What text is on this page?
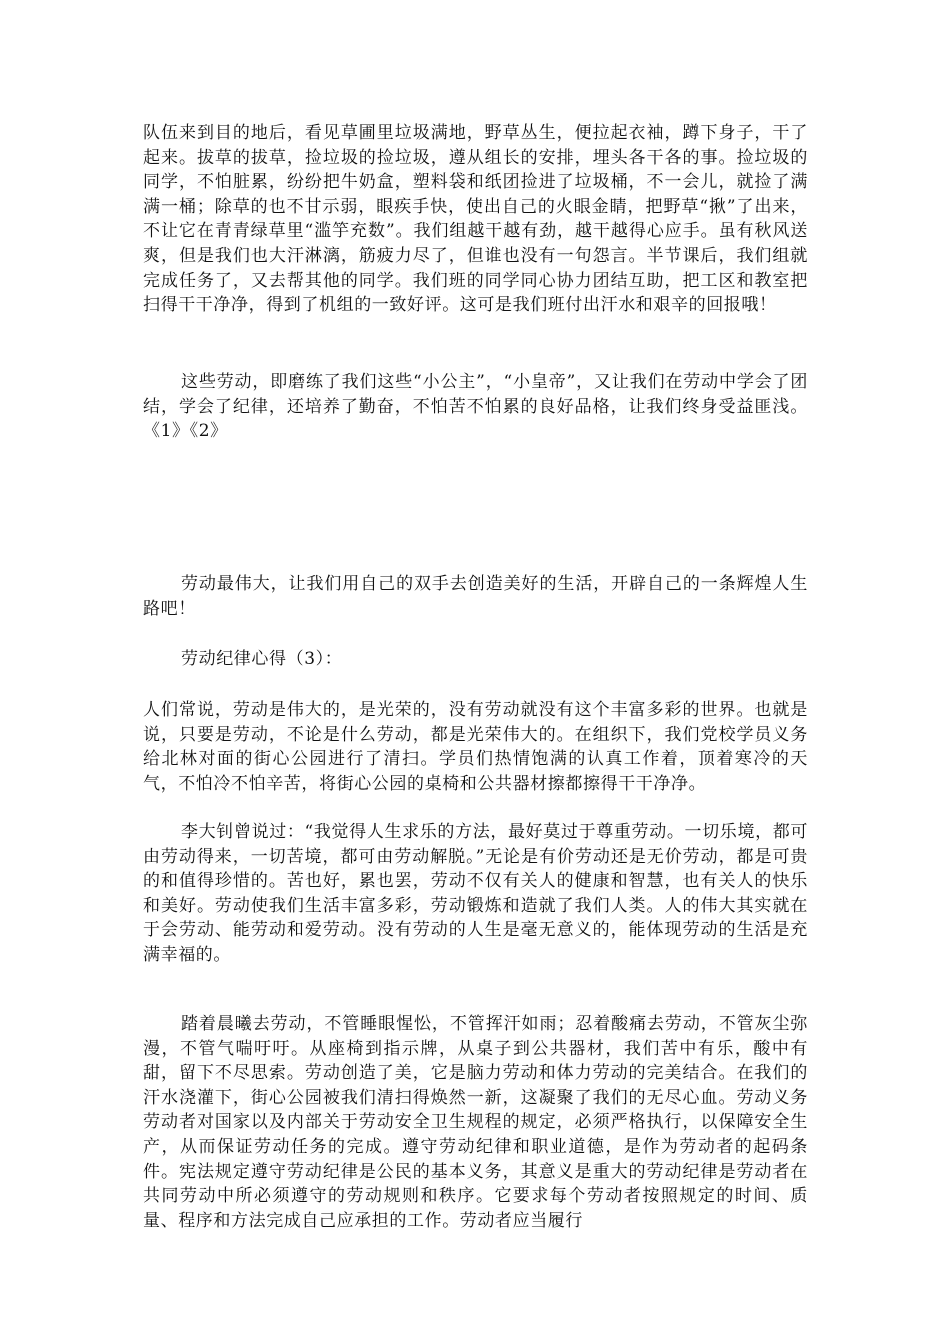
队伍来到目的地后，看见草圃里垃圾满地，野草丛生，便拉起衣袖，蹲下身子，干了起来。拔草的拔草，捡垃圾的捡垃圾，遵从组长的安排，埋头各干各的事。捡垃圾的同学，不怕脏累，纷纷把牛奶盒，塑料袋和纸团捡进了垃圾桶，不一会儿，就捡了满满一桶；除草的也不甘示弱，眼疾手快，使出自己的火眼金睛，把野草“揪”了出来，不让它在青青绿草里“滥竽充数”。我们组越干越有劲，越干越得心应手。虽有秋风送爽，但是我们也大汗淋漓，筋疲力尽了，但谁也没有一句怨言。半节课后，我们组就完成任务了，又去帮其他的同学。我们班的同学同心协力团结互助，把工区和教室把扫得干干净净，得到了机组的一致好评。这可是我们班付出汗水和艰辛的回报哦！

这些劳动，即磨练了我们这些“小公主”，“小皇帝”，又让我们在劳动中学会了团结，学会了纪律，还培养了勤奋，不怕苦不怕累的良好品格，让我们终身受益匪浅。《1》《2》

劳动最伟大，让我们用自己的双手去创造美好的生活，开辟自己的一条辉煌人生路吧！

劳动纪律心得（3）：

人们常说，劳动是伟大的，是光荣的，没有劳动就没有这个丰富多彩的世界。也就是说，只要是劳动，不论是什么劳动，都是光荣伟大的。在组织下，我们党校学员义务给北林对面的街心公园进行了清扫。学员们热情饱满的认真工作着，顶着寒冷的天气，不怕冷不怕辛苦，将街心公园的桌椅和公共器材擦都擦得干干净净。

李大钊曾说过：“我觉得人生求乐的方法，最好莫过于尊重劳动。一切乐境，都可由劳动得来，一切苦境，都可由劳动解脱。”无论是有价劳动还是无价劳动，都是可贵的和值得珍惜的。苦也好，累也罢，劳动不仅有关人的健康和智慧，也有关人的快乐和美好。劳动使我们生活丰富多彩，劳动锻炼和造就了我们人类。人的伟大其实就在于会劳动、能劳动和爱劳动。没有劳动的人生是毫无意义的，能体现劳动的生活是充满幸福的。

踏着晨曦去劳动，不管睡眼惺忪，不管挥汗如雨；忍着酸痛去劳动，不管灰尘弥漫，不管气喘吁吁。从座椅到指示牌，从桌子到公共器材，我们苦中有乐，酸中有甜，留下不尽思索。劳动创造了美，它是脑力劳动和体力劳动的完美结合。在我们的汗水浇灌下，街心公园被我们清扫得焕然一新，这凝聚了我们的无尽心血。劳动义务劳动者对国家以及内部关于劳动安全卫生规程的规定，必须严格执行，以保障安全生产，从而保证劳动任务的完成。遵守劳动纪律和职业道德，是作为劳动者的起码条件。宪法规定遵守劳动纪律是公民的基本义务，其意义是重大的劳动纪律是劳动者在共同劳动中所必须遵守的劳动规则和秩序。它要求每个劳动者按照规定的时间、质量、程序和方法完成自己应承担的工作。劳动者应当履行
